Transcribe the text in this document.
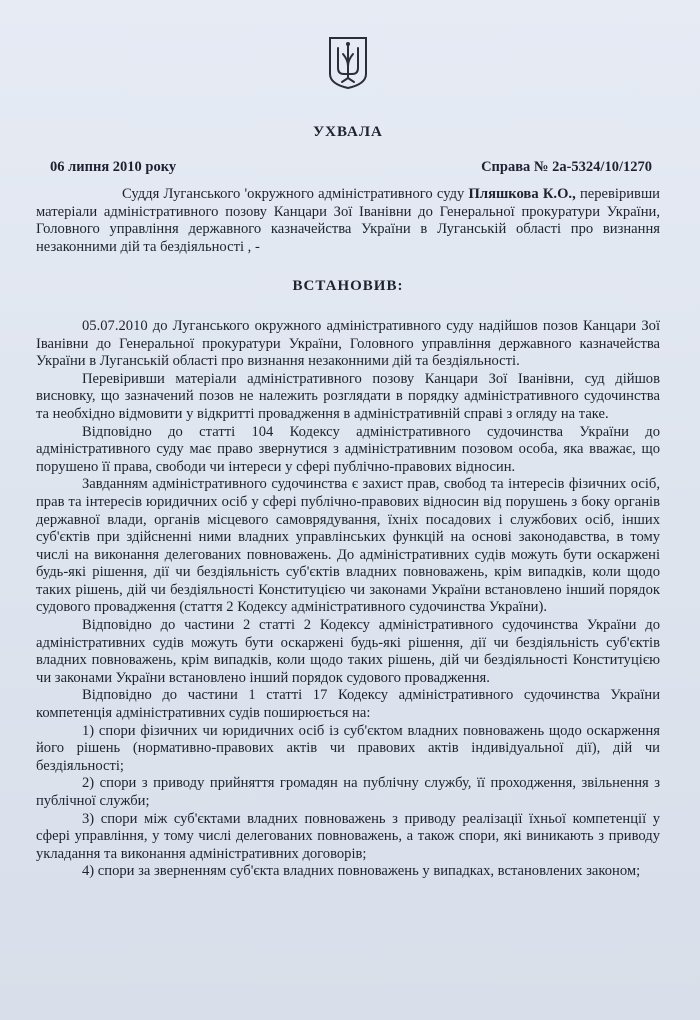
УХВАЛА
06 липня 2010 року	Справа № 2а-5324/10/1270

Суддя Луганського 'окружного адміністративного суду Пляшкова К.О., перевіривши матеріали адміністративного позову Канцари Зої Іванівни до Генеральної прокуратури України, Головного управління державного казначейства України в Луганській області про визнання незаконними дій та бездіяльності , -

ВСТАНОВИВ:

05.07.2010 до Луганського окружного адміністративного суду надійшов позов Канцари Зої Іванівни до Генеральної прокуратури України, Головного управління державного казначейства України в Луганській області про визнання незаконними дій та бездіяльності.

Перевіривши матеріали адміністративного позову Канцари Зої Іванівни, суд дійшов висновку, що зазначений позов не належить розглядати в порядку адміністративного судочинства та необхідно відмовити у відкритті провадження в адміністративній справі з огляду на таке.

Відповідно до статті 104 Кодексу адміністративного судочинства України до адміністративного суду має право звернутися з адміністративним позовом особа, яка вважає, що порушено її права, свободи чи інтереси у сфері публічно-правових відносин.

Завданням адміністративного судочинства є захист прав, свобод та інтересів фізичних осіб, прав та інтересів юридичних осіб у сфері публічно-правових відносин від порушень з боку органів державної влади, органів місцевого самоврядування, їхніх посадових і службових осіб, інших суб'єктів при здійсненні ними владних управлінських функцій на основі законодавства, в тому числі на виконання делегованих повноважень. До адміністративних судів можуть бути оскаржені будь-які рішення, дії чи бездіяльність суб'єктів владних повноважень, крім випадків, коли щодо таких рішень, дій чи бездіяльності Конституцією чи законами України встановлено інший порядок судового провадження (стаття 2 Кодексу адміністративного судочинства України).

Відповідно до частини 2 статті 2 Кодексу адміністративного судочинства України до адміністративних судів можуть бути оскаржені будь-які рішення, дії чи бездіяльність суб'єктів владних повноважень, крім випадків, коли щодо таких рішень, дій чи бездіяльності Конституцією чи законами України встановлено інший порядок судового провадження.

Відповідно до частини 1 статті 17 Кодексу адміністративного судочинства України компетенція адміністративних судів поширюється на:

1) спори фізичних чи юридичних осіб із суб'єктом владних повноважень щодо оскарження його рішень (нормативно-правових актів чи правових актів індивідуальної дії), дій чи бездіяльності;

2) спори з приводу прийняття громадян на публічну службу, її проходження, звільнення з публічної служби;

3) спори між суб'єктами владних повноважень з приводу реалізації їхньої компетенції у сфері управління, у тому числі делегованих повноважень, а також спори, які виникають з приводу укладання та виконання адміністративних договорів;

4) спори за зверненням суб'єкта владних повноважень у випадках, встановлених законом;
